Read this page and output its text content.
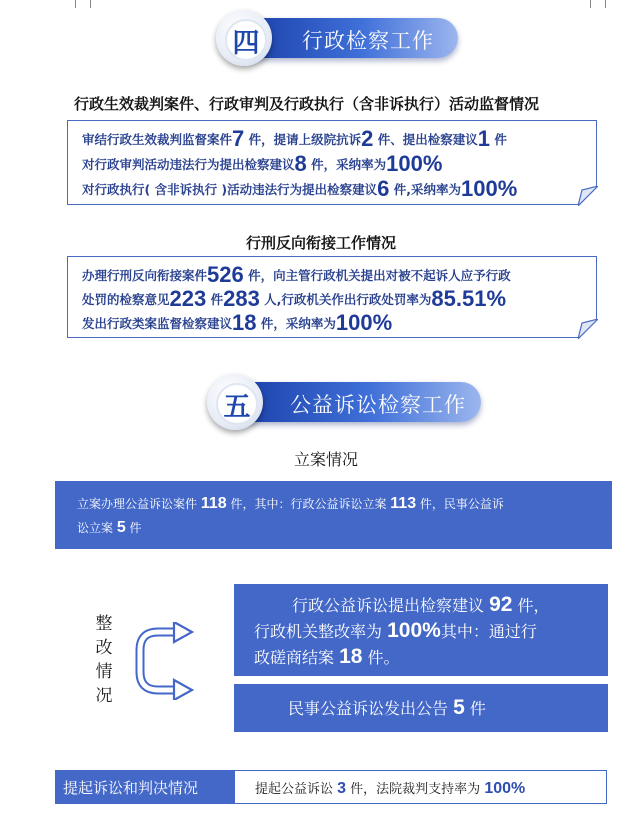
行政检察工作
四
行政生效裁判案件、行政审判及行政执行（含非诉执行）活动监督情况
审结行政生效裁判监督案件7 件，提请上级院抗诉2 件、提出检察建议1 件
对行政审判活动违法行为提出检察建议8 件，采纳率为100%
对行政执行( 含非诉执行 )活动违法行为提出检察建议6 件,采纳率为100%
行刑反向衔接工作情况
办理行刑反向衔接案件526 件，向主管行政机关提出对被不起诉人应予行政
处罚的检察意见223 件283 人,行政机关作出行政处罚率为85.51%
发出行政类案监督检察建议18 件，采纳率为100%
公益诉讼检察工作
五
立案情况
立案办理公益诉讼案件 118 件，其中：行政公益诉讼立案 113 件，民事公益诉
讼立案 5 件
整
改
情
况
行政公益诉讼提出检察建议 92 件，
行政机关整改率为 100%其中：通过行
政磋商结案 18 件。
民事公益诉讼发出公告 5 件
提起诉讼和判决情况	提起公益诉讼 3 件，法院裁判支持率为 100%
